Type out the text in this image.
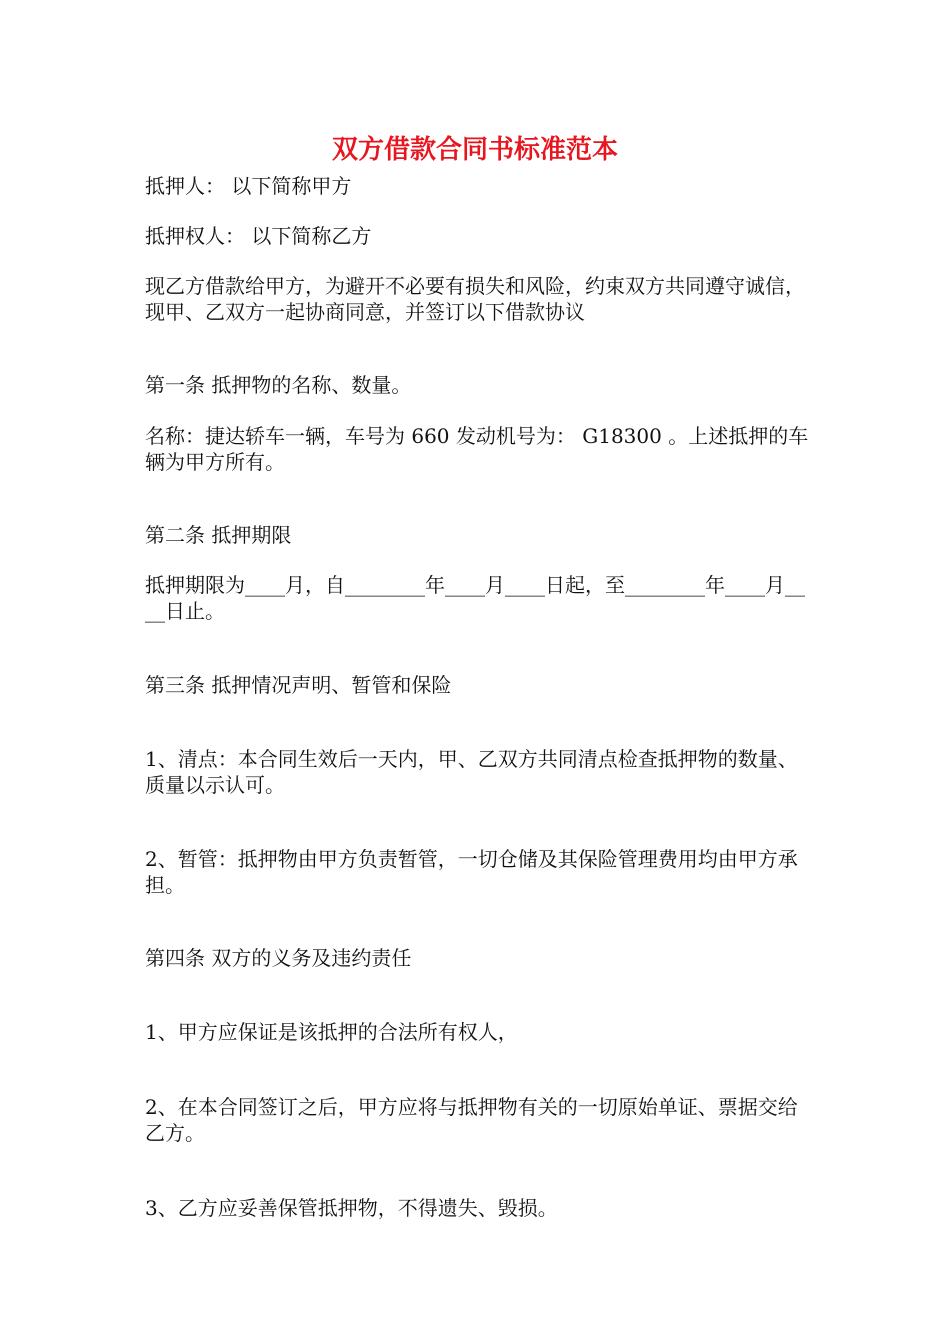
双方借款合同书标准范本

抵押人： 以下简称甲方

抵押权人： 以下简称乙方

现乙方借款给甲方，为避开不必要有损失和风险，约束双方共同遵守诚信，现甲、乙双方一起协商同意，并签订以下借款协议

第一条 抵押物的名称、数量。

名称：捷达轿车一辆，车号为 660 发动机号为： G18300 。上述抵押的车辆为甲方所有。

第二条 抵押期限

抵押期限为____月，自________年____月____日起，至________年____月____日止。

第三条 抵押情况声明、暂管和保险

1、清点：本合同生效后一天内，甲、乙双方共同清点检查抵押物的数量、质量以示认可。

2、暂管：抵押物由甲方负责暂管，一切仓储及其保险管理费用均由甲方承担。

第四条 双方的义务及违约责任

1、甲方应保证是该抵押的合法所有权人，

2、在本合同签订之后，甲方应将与抵押物有关的一切原始单证、票据交给乙方。

3、乙方应妥善保管抵押物，不得遗失、毁损。
